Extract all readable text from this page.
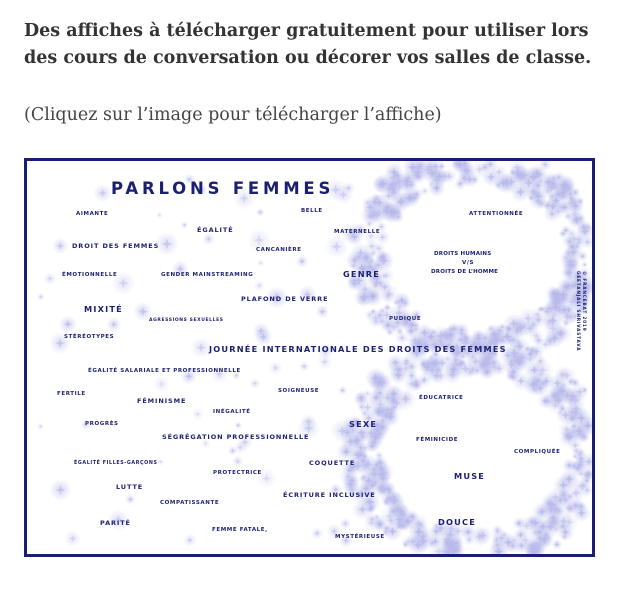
Des affiches à télécharger gratuitement pour utiliser lors des cours de conversation ou décorer vos salles de classe.

(Cliquez sur l’image pour télécharger l’affiche)

PARLONS FEMMES
AIMANTE
ÉGALITÉ
BELLE	ATTENTIONNÉE
DROIT DES FEMMES	CANCANIÈRE
MATERNELLE
DROITS HUMAINS
V/S
DROITS DE L’HOMME
ÉMOTIONNELLE	GENDER MAINSTREAMING	GENRE
PLAFOND DE VERRE
MIXITÉ
AGRESSIONS SEXUELLES	PUDIQUE
STÉRÉOTYPES
JOURNÉE INTERNATIONALE DES DROITS DES FEMMES
ÉGALITÉ SALARIALE ET PROFESSIONNELLE
FERTILE	SOIGNEUSE
FÉMINISME	ÉDUCATRICE
INÉGALITÉ
PROGRÈS	SEXE
SÉGRÉGATION PROFESSIONNELLE	FÉMINICIDE
COMPLIQUÉE
ÉGALITÉ FILLES-GARÇONS	COQUETTE
PROTECTRICE	MUSE
LUTTE
COMPATISSANTE
ÉCRITURE INCLUSIVE
PARITÉ
FEMME FATALE,
DOUCE
MYSTÉRIEUSE
© FRANCEBAT 2019
GEETANJALI SHRIVASTAVA
